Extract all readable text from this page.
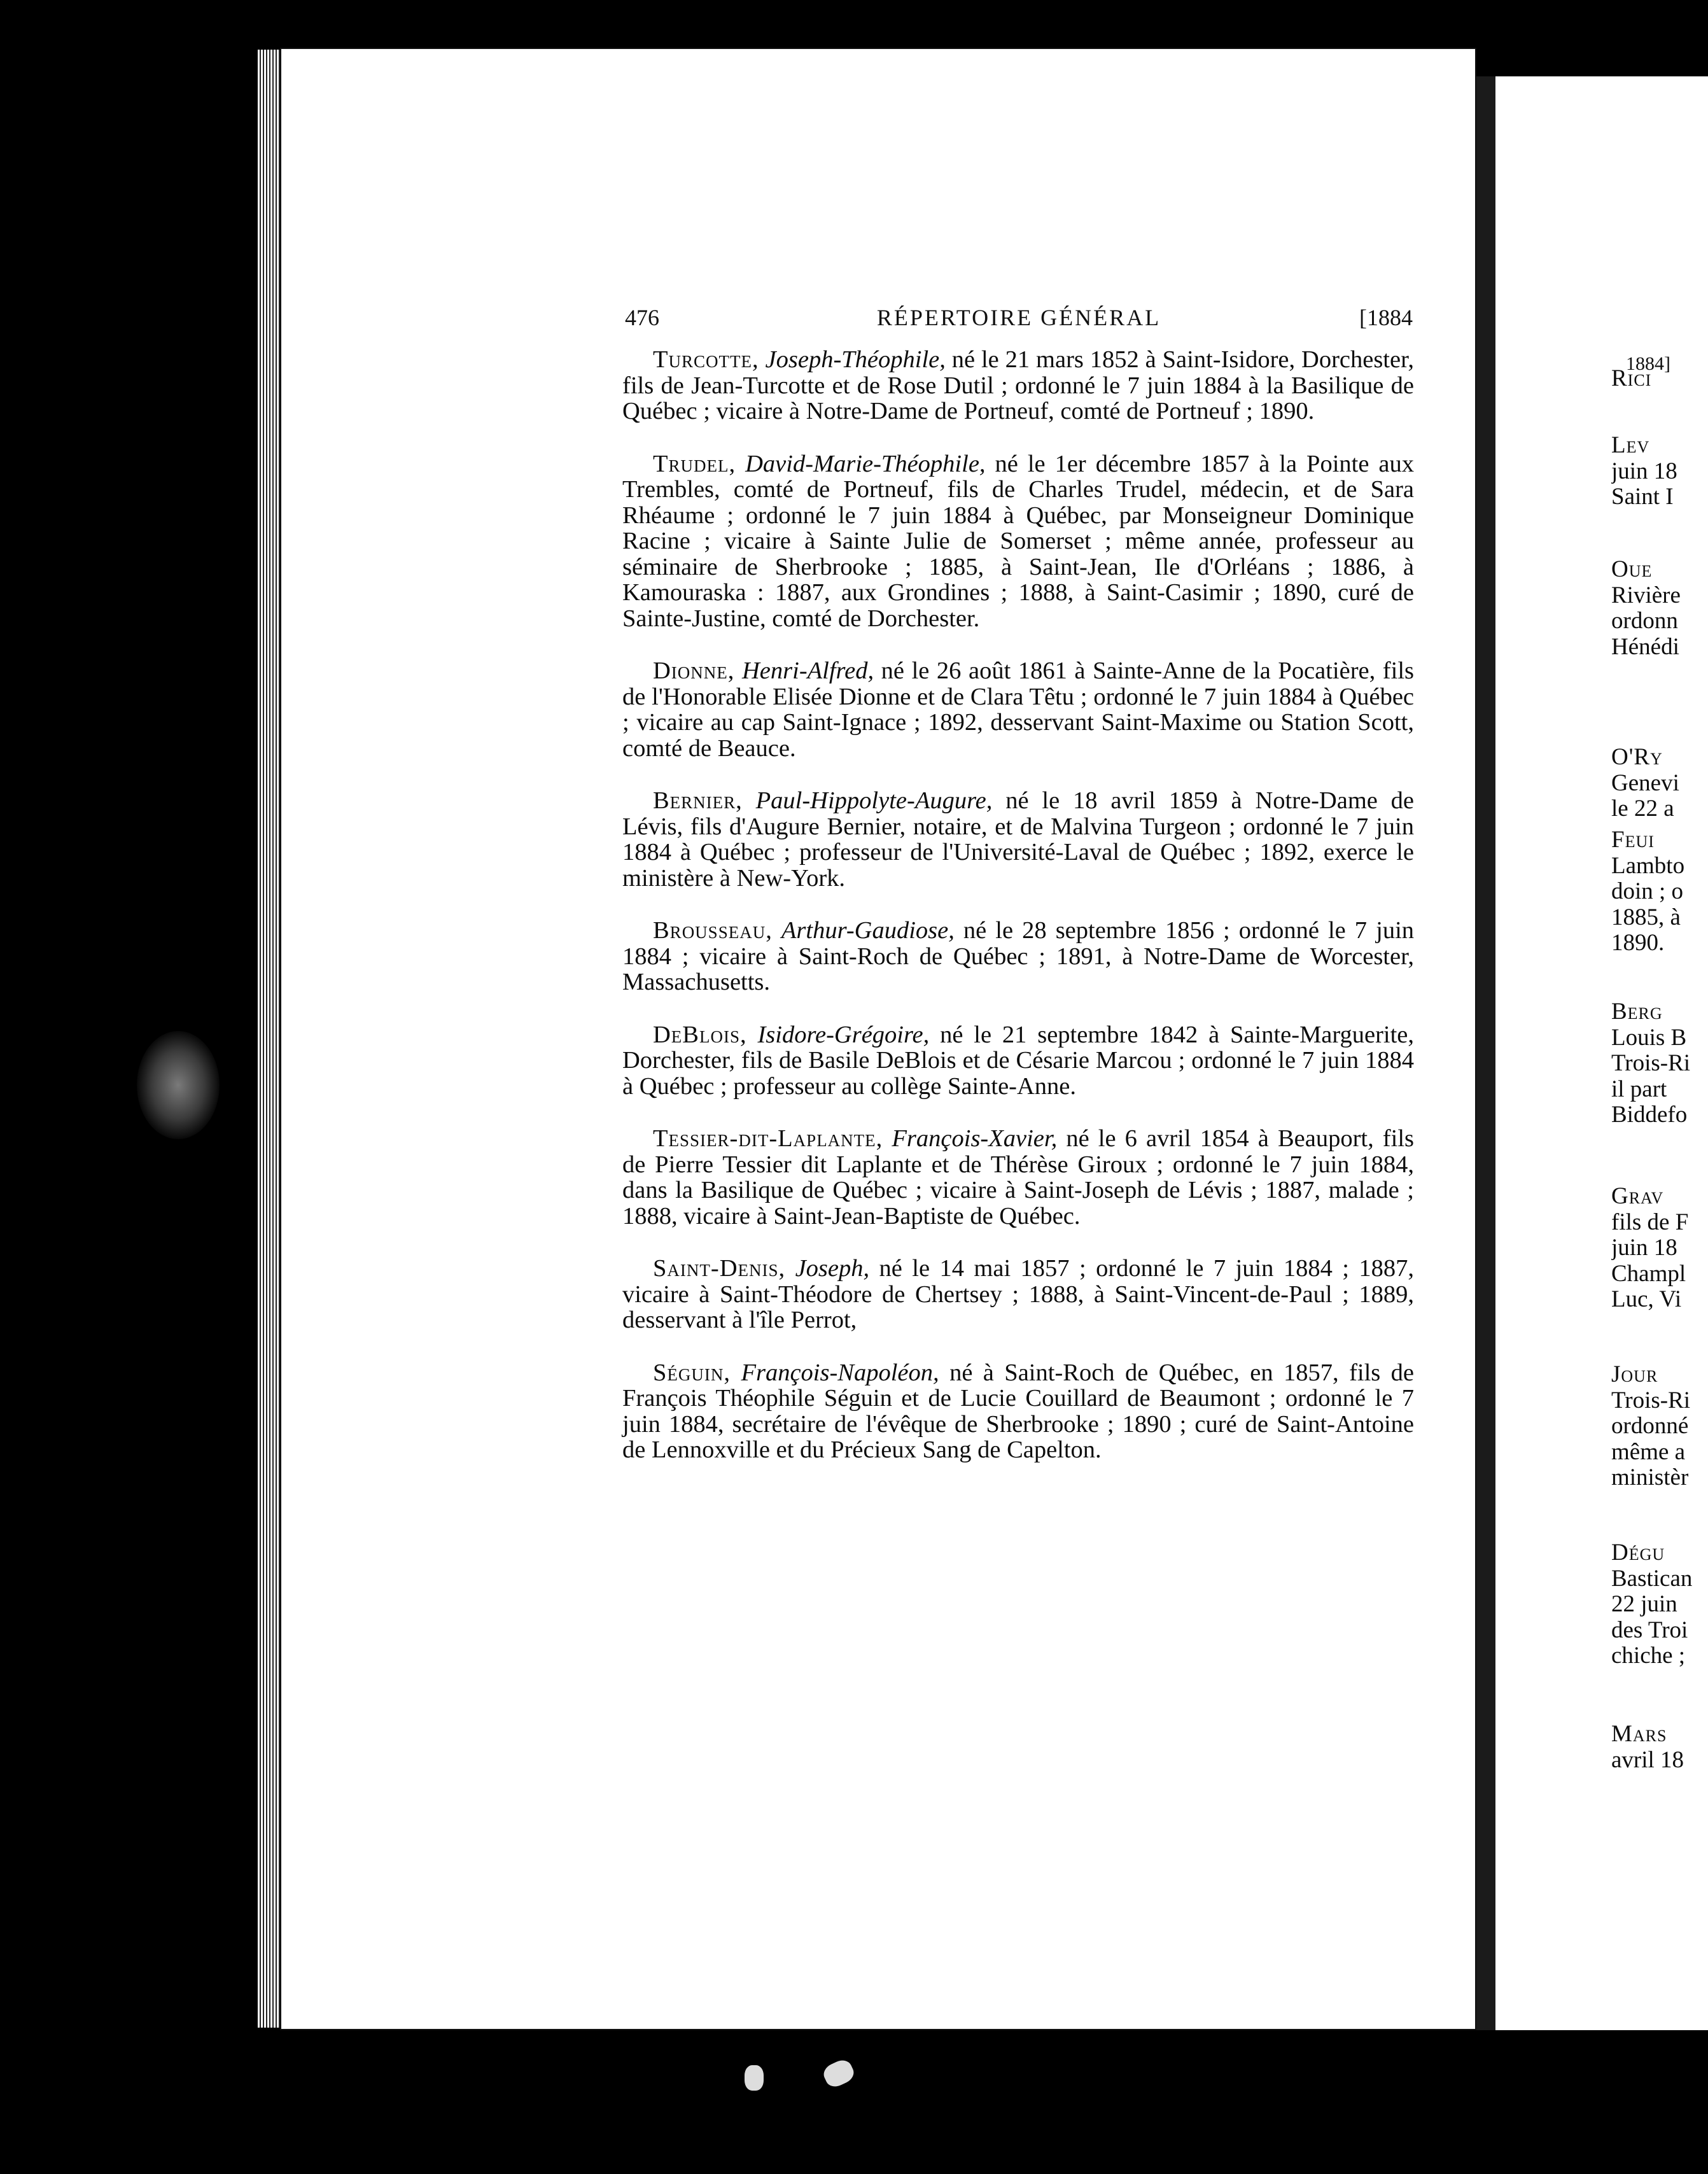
476	RÉPERTOIRE GÉNÉRAL	[1884

Turcotte, Joseph-Théophile, né le 21 mars 1852 à Saint-Isidore, Dorchester, fils de Jean-Turcotte et de Rose Dutil ; ordonné le 7 juin 1884 à la Basilique de Québec ; vicaire à Notre-Dame de Portneuf, comté de Portneuf ; 1890.

Trudel, David-Marie-Théophile, né le 1er décembre 1857 à la Pointe aux Trembles, comté de Portneuf, fils de Charles Trudel, médecin, et de Sara Rhéaume ; ordonné le 7 juin 1884 à Québec, par Monseigneur Dominique Racine ; vicaire à Sainte Julie de Somerset ; même année, professeur au séminaire de Sherbrooke ; 1885, à Saint-Jean, Ile d'Orléans ; 1886, à Kamouraska : 1887, aux Grondines ; 1888, à Saint-Casimir ; 1890, curé de Sainte-Justine, comté de Dorchester.

Dionne, Henri-Alfred, né le 26 août 1861 à Sainte-Anne de la Pocatière, fils de l'Honorable Elisée Dionne et de Clara Têtu ; ordonné le 7 juin 1884 à Québec ; vicaire au cap Saint-Ignace ; 1892, desservant Saint-Maxime ou Station Scott, comté de Beauce.

Bernier, Paul-Hippolyte-Augure, né le 18 avril 1859 à Notre-Dame de Lévis, fils d'Augure Bernier, notaire, et de Malvina Turgeon ; ordonné le 7 juin 1884 à Québec ; professeur de l'Université-Laval de Québec ; 1892, exerce le ministère à New-York.

Brousseau, Arthur-Gaudiose, né le 28 septembre 1856 ; ordonné le 7 juin 1884 ; vicaire à Saint-Roch de Québec ; 1891, à Notre-Dame de Worcester, Massachusetts.

DeBlois, Isidore-Grégoire, né le 21 septembre 1842 à Sainte-Marguerite, Dorchester, fils de Basile DeBlois et de Césarie Marcou ; ordonné le 7 juin 1884 à Québec ; professeur au collège Sainte-Anne.

Tessier-dit-Laplante, François-Xavier, né le 6 avril 1854 à Beauport, fils de Pierre Tessier dit Laplante et de Thérèse Giroux ; ordonné le 7 juin 1884, dans la Basilique de Québec ; vicaire à Saint-Joseph de Lévis ; 1887, malade ; 1888, vicaire à Saint-Jean-Baptiste de Québec.

Saint-Denis, Joseph, né le 14 mai 1857 ; ordonné le 7 juin 1884 ; 1887, vicaire à Saint-Théodore de Chertsey ; 1888, à Saint-Vincent-de-Paul ; 1889, desservant à l'île Perrot,

Séguin, François-Napoléon, né à Saint-Roch de Québec, en 1857, fils de François Théophile Séguin et de Lucie Couillard de Beaumont ; ordonné le 7 juin 1884, secrétaire de l'évêque de Sherbrooke ; 1890 ; curé de Saint-Antoine de Lennoxville et du Précieux Sang de Capelton.

1884]
Rici
Lev
juin 18
Saint I
Oue
Rivière
ordonn
Hénédi
O'Ry
Genevi
le 22 a
Feui
Lambto
doin ; o
1885, à
1890.
Berg
Louis B
Trois-Ri
il part
Biddefo
Grav
fils de F
juin 18
Champl
Luc, Vi
Jour
Trois-Ri
ordonné
même a
ministèr
Dégu
Bastican
22 juin
des Troi
chiche ;
Mars
avril 18
